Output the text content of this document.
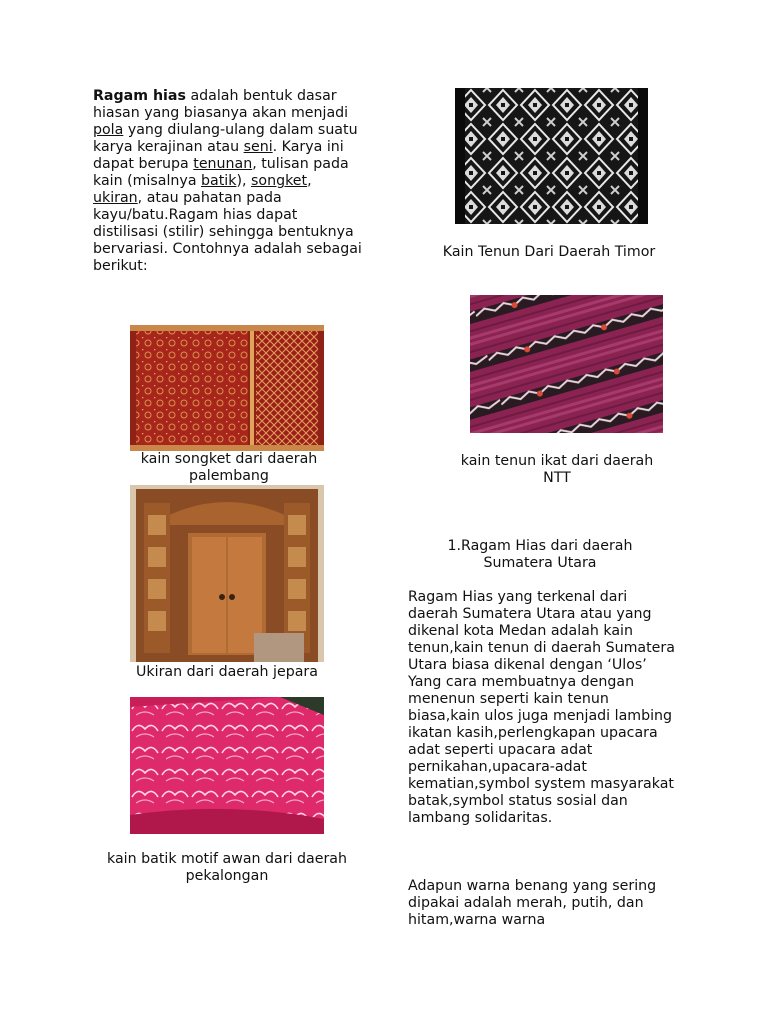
Ragam hias adalah bentuk dasar hiasan yang biasanya akan menjadi pola yang diulang-ulang dalam suatu karya kerajinan atau seni. Karya ini dapat berupa tenunan, tulisan pada kain (misalnya batik), songket, ukiran, atau pahatan pada kayu/batu.Ragam hias dapat distilisasi (stilir) sehingga bentuknya bervariasi. Contohnya adalah sebagai berikut:

Kain Tenun Dari Daerah Timor

kain songket dari daerah palembang

kain tenun ikat dari daerah NTT

Ukiran dari daerah jepara

kain batik motif awan dari daerah pekalongan

1.Ragam Hias dari daerah Sumatera Utara

Ragam Hias yang terkenal dari daerah Sumatera Utara atau yang dikenal kota Medan adalah kain tenun,kain tenun di daerah Sumatera Utara biasa dikenal dengan ‘Ulos’ Yang cara membuatnya dengan menenun seperti kain tenun biasa,kain ulos juga menjadi lambing ikatan kasih,perlengkapan upacara adat seperti upacara adat pernikahan,upacara-adat kematian,symbol system masyarakat batak,symbol status sosial dan lambang solidaritas.

Adapun warna benang yang sering dipakai adalah merah, putih, dan hitam,warna warna
